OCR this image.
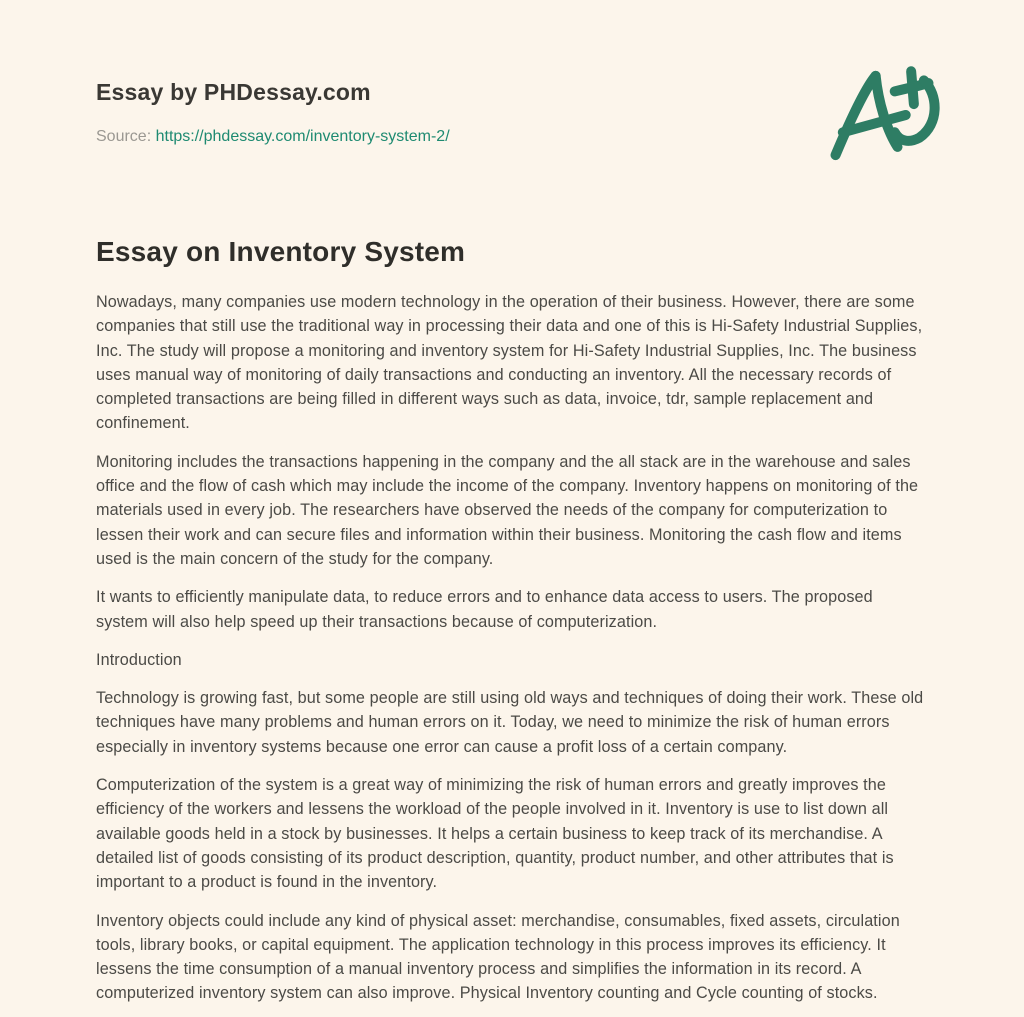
Essay by PHDessay.com
Source: https://phdessay.com/inventory-system-2/
Essay on Inventory System

Nowadays, many companies use modern technology in the operation of their business. However, there are some companies that still use the traditional way in processing their data and one of this is Hi-Safety Industrial Supplies, Inc. The study will propose a monitoring and inventory system for Hi-Safety Industrial Supplies, Inc. The business uses manual way of monitoring of daily transactions and conducting an inventory. All the necessary records of completed transactions are being filled in different ways such as data, invoice, tdr, sample replacement and confinement.

Monitoring includes the transactions happening in the company and the all stack are in the warehouse and sales office and the flow of cash which may include the income of the company. Inventory happens on monitoring of the materials used in every job. The researchers have observed the needs of the company for computerization to lessen their work and can secure files and information within their business. Monitoring the cash flow and items used is the main concern of the study for the company.

It wants to efficiently manipulate data, to reduce errors and to enhance data access to users. The proposed system will also help speed up their transactions because of computerization.

Introduction

Technology is growing fast, but some people are still using old ways and techniques of doing their work. These old techniques have many problems and human errors on it. Today, we need to minimize the risk of human errors especially in inventory systems because one error can cause a profit loss of a certain company.

Computerization of the system is a great way of minimizing the risk of human errors and greatly improves the efficiency of the workers and lessens the workload of the people involved in it. Inventory is use to list down all available goods held in a stock by businesses. It helps a certain business to keep track of its merchandise. A detailed list of goods consisting of its product description, quantity, product number, and other attributes that is important to a product is found in the inventory.

Inventory objects could include any kind of physical asset: merchandise, consumables, fixed assets, circulation tools, library books, or capital equipment. The application technology in this process improves its efficiency. It lessens the time consumption of a manual inventory process and simplifies the information in its record. A computerized inventory system can also improve. Physical Inventory counting and Cycle counting of stocks.
